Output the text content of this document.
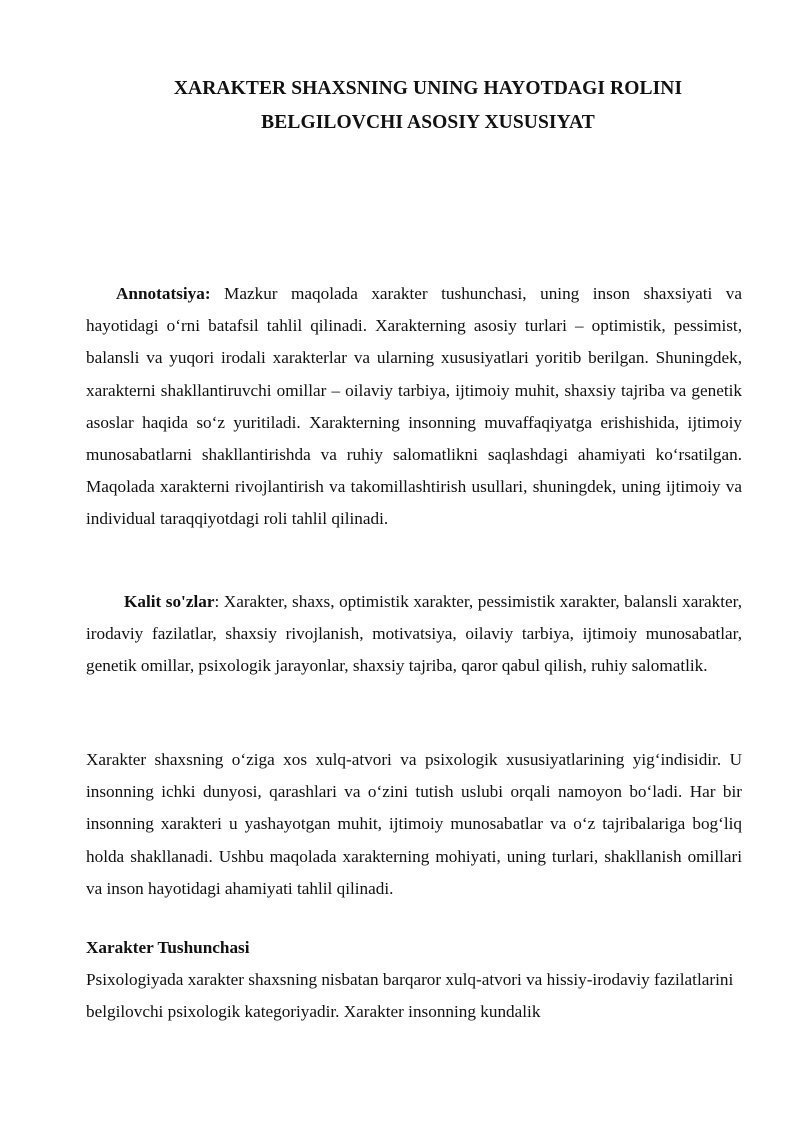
XARAKTER SHAXSNING UNING HAYOTDAGI ROLINI
BELGILOVCHI ASOSIY XUSUSIYAT

Annotatsiya: Mazkur maqolada xarakter tushunchasi, uning inson shaxsiyati va hayotidagi o‘rni batafsil tahlil qilinadi. Xarakterning asosiy turlari – optimistik, pessimist, balansli va yuqori irodali xarakterlar va ularning xususiyatlari yoritib berilgan. Shuningdek, xarakterni shakllantiruvchi omillar – oilaviy tarbiya, ijtimoiy muhit, shaxsiy tajriba va genetik asoslar haqida so‘z yuritiladi. Xarakterning insonning muvaffaqiyatga erishishida, ijtimoiy munosabatlarni shakllantirishda va ruhiy salomatlikni saqlashdagi ahamiyati ko‘rsatilgan. Maqolada xarakterni rivojlantirish va takomillashtirish usullari, shuningdek, uning ijtimoiy va individual taraqqiyotdagi roli tahlil qilinadi.

Kalit so'zlar: Xarakter, shaxs, optimistik xarakter, pessimistik xarakter, balansli xarakter, irodaviy fazilatlar, shaxsiy rivojlanish, motivatsiya, oilaviy tarbiya, ijtimoiy munosabatlar, genetik omillar, psixologik jarayonlar, shaxsiy tajriba, qaror qabul qilish, ruhiy salomatlik.

Xarakter shaxsning o‘ziga xos xulq-atvori va psixologik xususiyatlarining yig‘indisidir. U insonning ichki dunyosi, qarashlari va o‘zini tutish uslubi orqali namoyon bo‘ladi. Har bir insonning xarakteri u yashayotgan muhit, ijtimoiy munosabatlar va o‘z tajribalariga bog‘liq holda shakllanadi. Ushbu maqolada xarakterning mohiyati, uning turlari, shakllanish omillari va inson hayotidagi ahamiyati tahlil qilinadi.

Xarakter Tushunchasi

Psixologiyada xarakter shaxsning nisbatan barqaror xulq-atvori va hissiy-irodaviy fazilatlarini belgilovchi psixologik kategoriyadir. Xarakter insonning kundalik
